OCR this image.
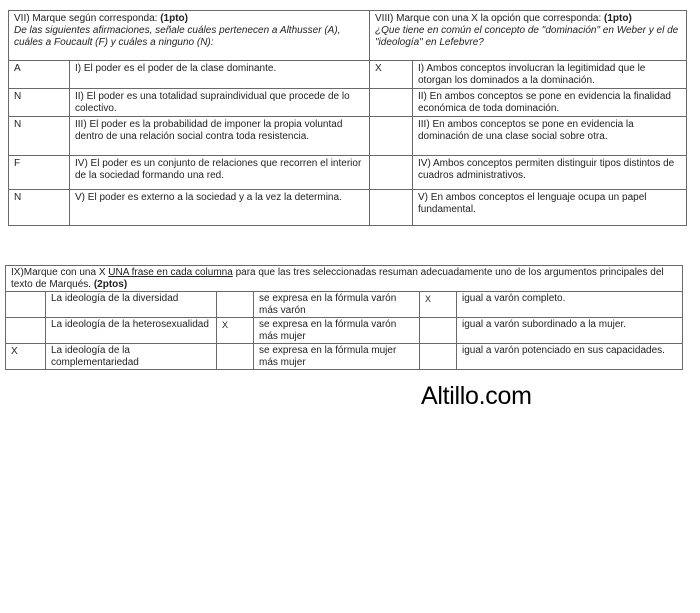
VII) Marque según corresponda: (1pto)
De las siguientes afirmaciones, señale cuáles pertenecen a Althusser (A), cuáles a Foucault (F) y cuáles a ninguno (N):		VIII) Marque con una X la opción que corresponda: (1pto)
¿Que tiene en común el concepto de "dominación" en Weber y el de "ideología" en Lefebvre?	
A	I) El poder es el poder de la clase dominante.	X	I) Ambos conceptos involucran la legitimidad que le otorgan los dominados a la dominación.
N	II) El poder es una totalidad supraindividual que procede de lo colectivo.		II) En ambos conceptos se pone en evidencia la finalidad económica de toda dominación.
N	III) El poder es la probabilidad de imponer la propia voluntad dentro de una relación social contra toda resistencia.		III) En ambos conceptos se pone en evidencia la dominación de una clase social sobre otra.
F	IV) El poder es un conjunto de relaciones que recorren el interior de la sociedad formando una red.		IV) Ambos conceptos permiten distinguir tipos distintos de cuadros administrativos.
N	V) El poder es externo a la sociedad y a la vez la determina.		V) En ambos conceptos el lenguaje ocupa un papel fundamental.
IX)Marque con una X UNA frase en cada columna para que las tres seleccionadas resuman adecuadamente uno de los argumentos principales del texto de Marqués. (2ptos)					
	La ideología de la diversidad		se expresa en la fórmula varón más varón	X	igual a varón completo.
	La ideología de la heterosexualidad	X	se expresa en la fórmula varón más mujer		igual a varón subordinado a la mujer.
X	La ideología de la complementariedad		se expresa en la fórmula mujer más mujer		igual a varón potenciado en sus capacidades.
Altillo.com
